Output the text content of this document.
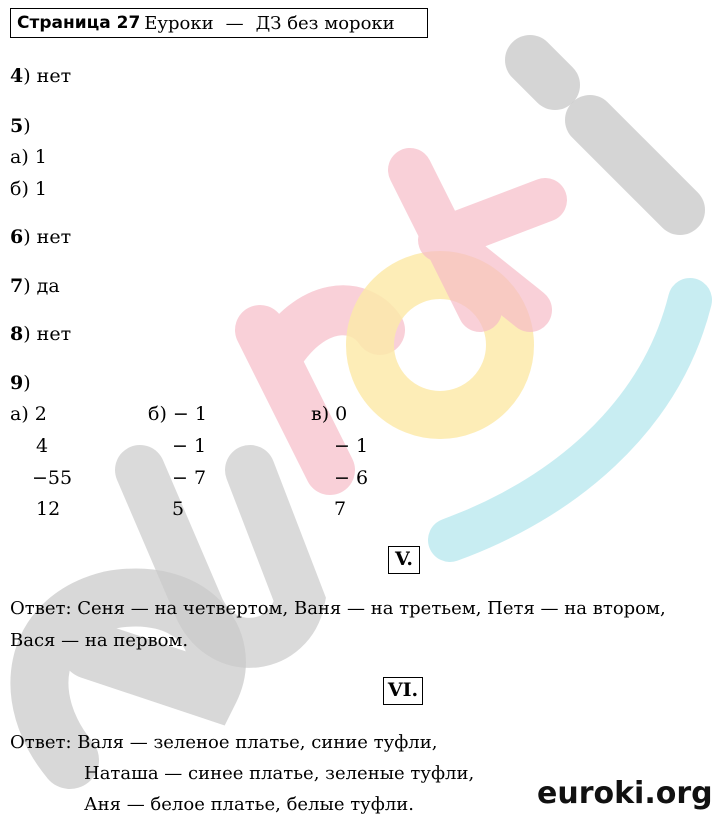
Страница 27 Еуроки — ДЗ без мороки
4) нет
5)
а) 1
б) 1
6) нет
7) да
8) нет
9)
а) 2
4
−55
12
б) − 1
− 1
− 7
5
в) 0
− 1
− 6
7
V.
Ответ: Сеня — на четвертом, Ваня — на третьем, Петя — на втором,
Вася — на первом.
VI.
Ответ: Валя — зеленое платье, синие туфли,
Наташа — синее платье, зеленые туфли,
Аня — белое платье, белые туфли.	euroki.org
